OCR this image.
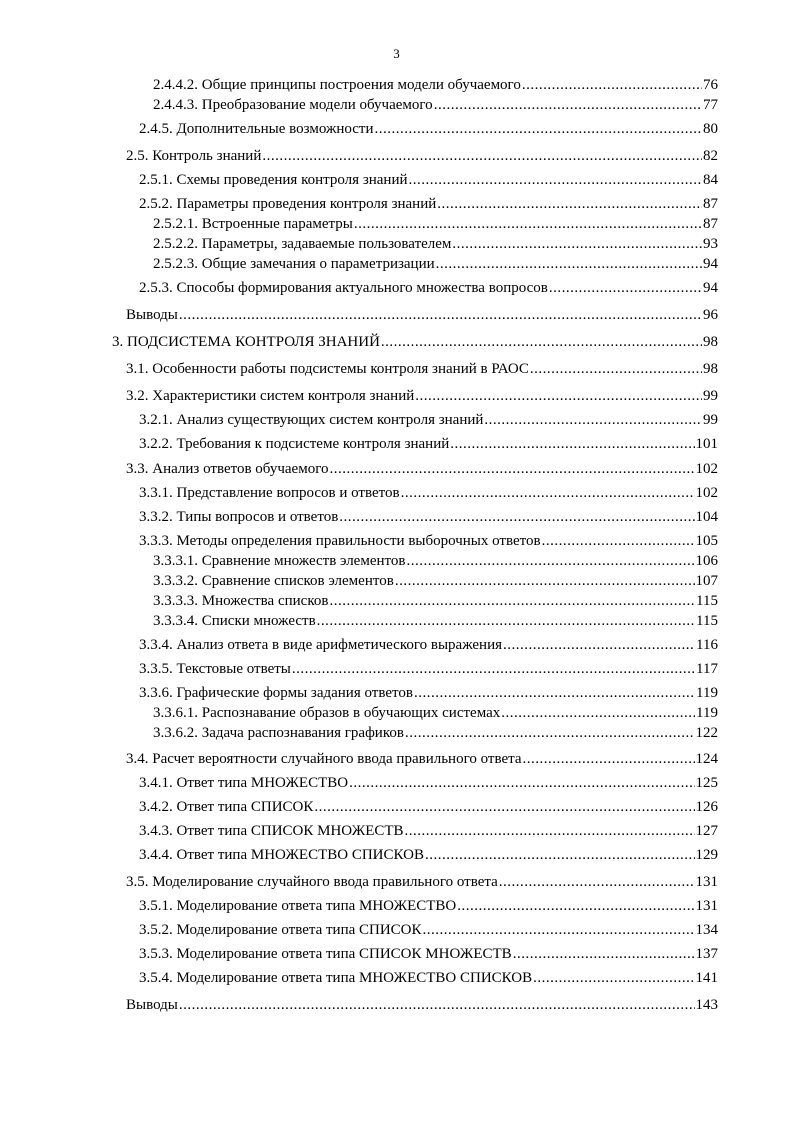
3
2.4.4.2. Общие принципы построения модели обучаемого .....	76
2.4.4.3. Преобразование модели обучаемого .....	77
2.4.5. Дополнительные возможности .....	80
2.5. Контроль знаний .....	82
2.5.1. Схемы проведения контроля знаний .....	84
2.5.2. Параметры проведения контроля знаний .....	87
2.5.2.1. Встроенные параметры .....	87
2.5.2.2. Параметры, задаваемые пользователем .....	93
2.5.2.3. Общие замечания о параметризации .....	94
2.5.3. Способы формирования актуального множества вопросов .....	94
Выводы .....	96
3. ПОДСИСТЕМА КОНТРОЛЯ ЗНАНИЙ .....	98
3.1. Особенности работы подсистемы контроля знаний в РАОС .....	98
3.2. Характеристики систем контроля знаний .....	99
3.2.1. Анализ существующих систем контроля знаний .....	99
3.2.2. Требования к подсистеме контроля знаний .....	101
3.3. Анализ ответов обучаемого .....	102
3.3.1. Представление вопросов и ответов .....	102
3.3.2. Типы вопросов и ответов .....	104
3.3.3. Методы определения правильности выборочных ответов .....	105
3.3.3.1. Сравнение множеств элементов .....	106
3.3.3.2. Сравнение списков элементов .....	107
3.3.3.3. Множества списков .....	115
3.3.3.4. Списки множеств .....	115
3.3.4. Анализ ответа в виде арифметического выражения .....	116
3.3.5. Текстовые ответы .....	117
3.3.6. Графические формы задания ответов .....	119
3.3.6.1. Распознавание образов в обучающих системах .....	119
3.3.6.2. Задача распознавания графиков .....	122
3.4. Расчет вероятности случайного ввода правильного ответа .....	124
3.4.1. Ответ типа МНОЖЕСТВО .....	125
3.4.2. Ответ типа СПИСОК .....	126
3.4.3. Ответ типа СПИСОК МНОЖЕСТВ .....	127
3.4.4. Ответ типа МНОЖЕСТВО СПИСКОВ .....	129
3.5. Моделирование случайного ввода правильного ответа .....	131
3.5.1. Моделирование ответа типа МНОЖЕСТВО .....	131
3.5.2. Моделирование ответа типа СПИСОК .....	134
3.5.3. Моделирование ответа типа СПИСОК МНОЖЕСТВ .....	137
3.5.4. Моделирование ответа типа МНОЖЕСТВО СПИСКОВ .....	141
Выводы .....	143
